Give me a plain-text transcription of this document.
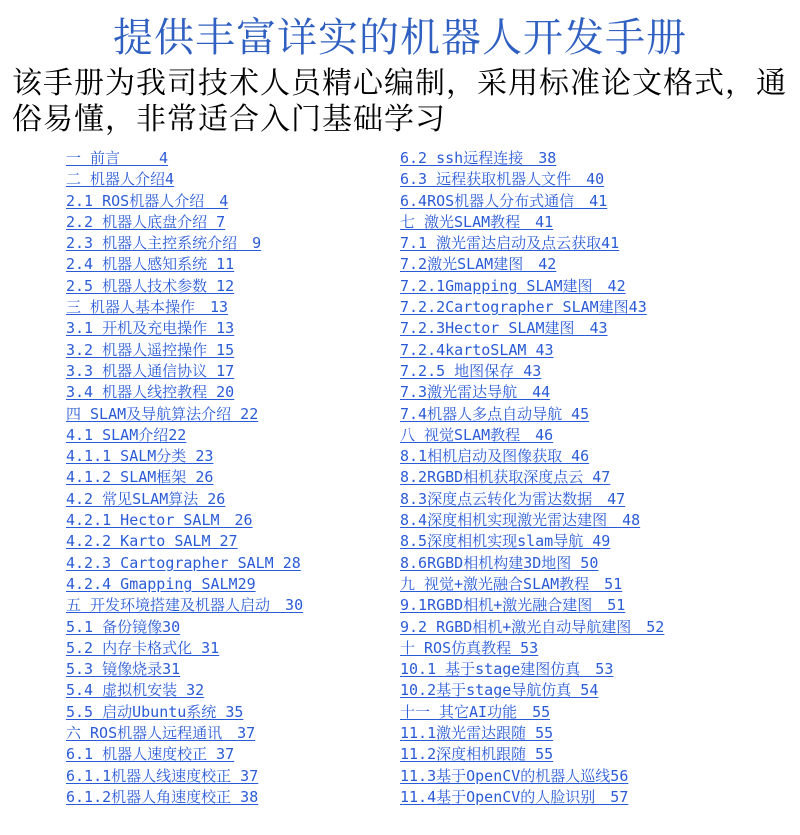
提供丰富详实的机器人开发手册

该手册为我司技术人员精心编制，采用标准论文格式，通俗易懂，非常适合入门基础学习

一 前言　　 4
二 机器人介绍4
2.1 ROS机器人介绍　4
2.2 机器人底盘介绍 7
2.3 机器人主控系统介绍　9
2.4 机器人感知系统 11
2.5 机器人技术参数 12
三 机器人基本操作　13
3.1 开机及充电操作 13
3.2 机器人遥控操作 15
3.3 机器人通信协议 17
3.4 机器人线控教程 20
四 SLAM及导航算法介绍 22
4.1 SLAM介绍22
4.1.1 SALM分类 23
4.1.2 SLAM框架 26
4.2 常见SLAM算法 26
4.2.1 Hector SALM　26
4.2.2 Karto SALM 27
4.2.3 Cartographer SALM 28
4.2.4 Gmapping SALM29
五 开发环境搭建及机器人启动　30
5.1 备份镜像30
5.2 内存卡格式化 31
5.3 镜像烧录31
5.4 虚拟机安装 32
5.5 启动Ubuntu系统 35
六 ROS机器人远程通讯　37
6.1 机器人速度校正 37
6.1.1机器人线速度校正 37
6.1.2机器人角速度校正 38
6.2 ssh远程连接　38
6.3 远程获取机器人文件　40
6.4ROS机器人分布式通信　41
七 激光SLAM教程　41
7.1 激光雷达启动及点云获取41
7.2激光SLAM建图　42
7.2.1Gmapping SLAM建图　42
7.2.2Cartographer SLAM建图43
7.2.3Hector SLAM建图　43
7.2.4kartoSLAM 43
7.2.5 地图保存 43
7.3激光雷达导航　44
7.4机器人多点自动导航 45
八 视觉SLAM教程　46
8.1相机启动及图像获取 46
8.2RGBD相机获取深度点云 47
8.3深度点云转化为雷达数据　47
8.4深度相机实现激光雷达建图　48
8.5深度相机实现slam导航 49
8.6RGBD相机构建3D地图 50
九 视觉+激光融合SLAM教程　51
9.1RGBD相机+激光融合建图　51
9.2 RGBD相机+激光自动导航建图　52
十 ROS仿真教程 53
10.1 基于stage建图仿真　53
10.2基于stage导航仿真 54
十一 其它AI功能　55
11.1激光雷达跟随 55
11.2深度相机跟随 55
11.3基于OpenCV的机器人巡线56
11.4基于OpenCV的人脸识别　57
